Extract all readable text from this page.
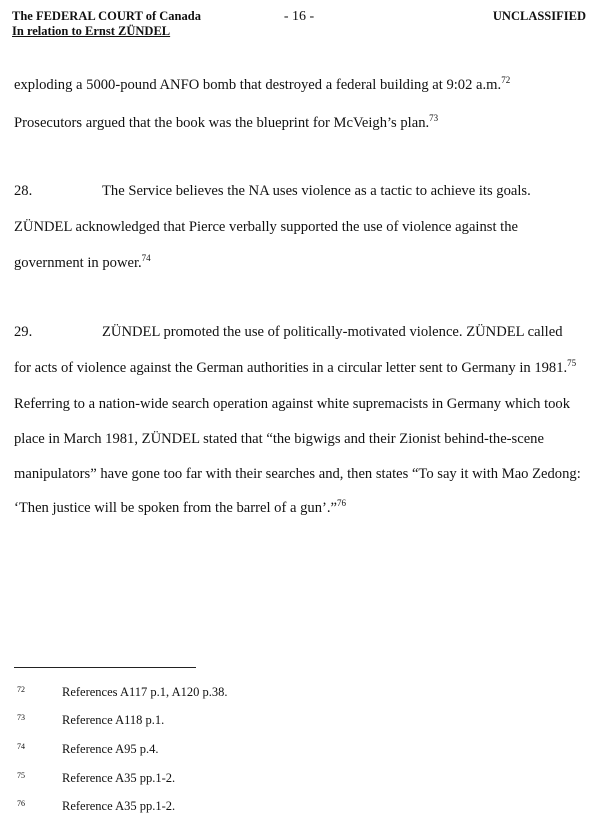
The FEDERAL COURT of Canada
In relation to Ernst ZÜNDEL
- 16 -	UNCLASSIFIED
exploding a 5000-pound ANFO bomb that destroyed a federal building at 9:02 a.m.$^{72}$
Prosecutors argued that the book was the blueprint for McVeigh’s plan.$^{73}$
28.	The Service believes the NA uses violence as a tactic to achieve its goals.
ZÜNDEL acknowledged that Pierce verbally supported the use of violence against the
government in power.$^{74}$
29.	ZÜNDEL promoted the use of politically-motivated violence. ZÜNDEL called
for acts of violence against the German authorities in a circular letter sent to Germany in 1981.75
Referring to a nation-wide search operation against white supremacists in Germany which took
place in March 1981, ZÜNDEL stated that “the bigwigs and their Zionist behind-the-scene
manipulators” have gone too far with their searches and, then states “To say it with Mao Zedong:
‘Then justice will be spoken from the barrel of a gun’.”$^{76}$
72	References A117 p.1, A120 p.38.
73	Reference A118 p.1.
74	Reference A95 p.4.
75	Reference A35 pp.1-2.
76	Reference A35 pp.1-2.
